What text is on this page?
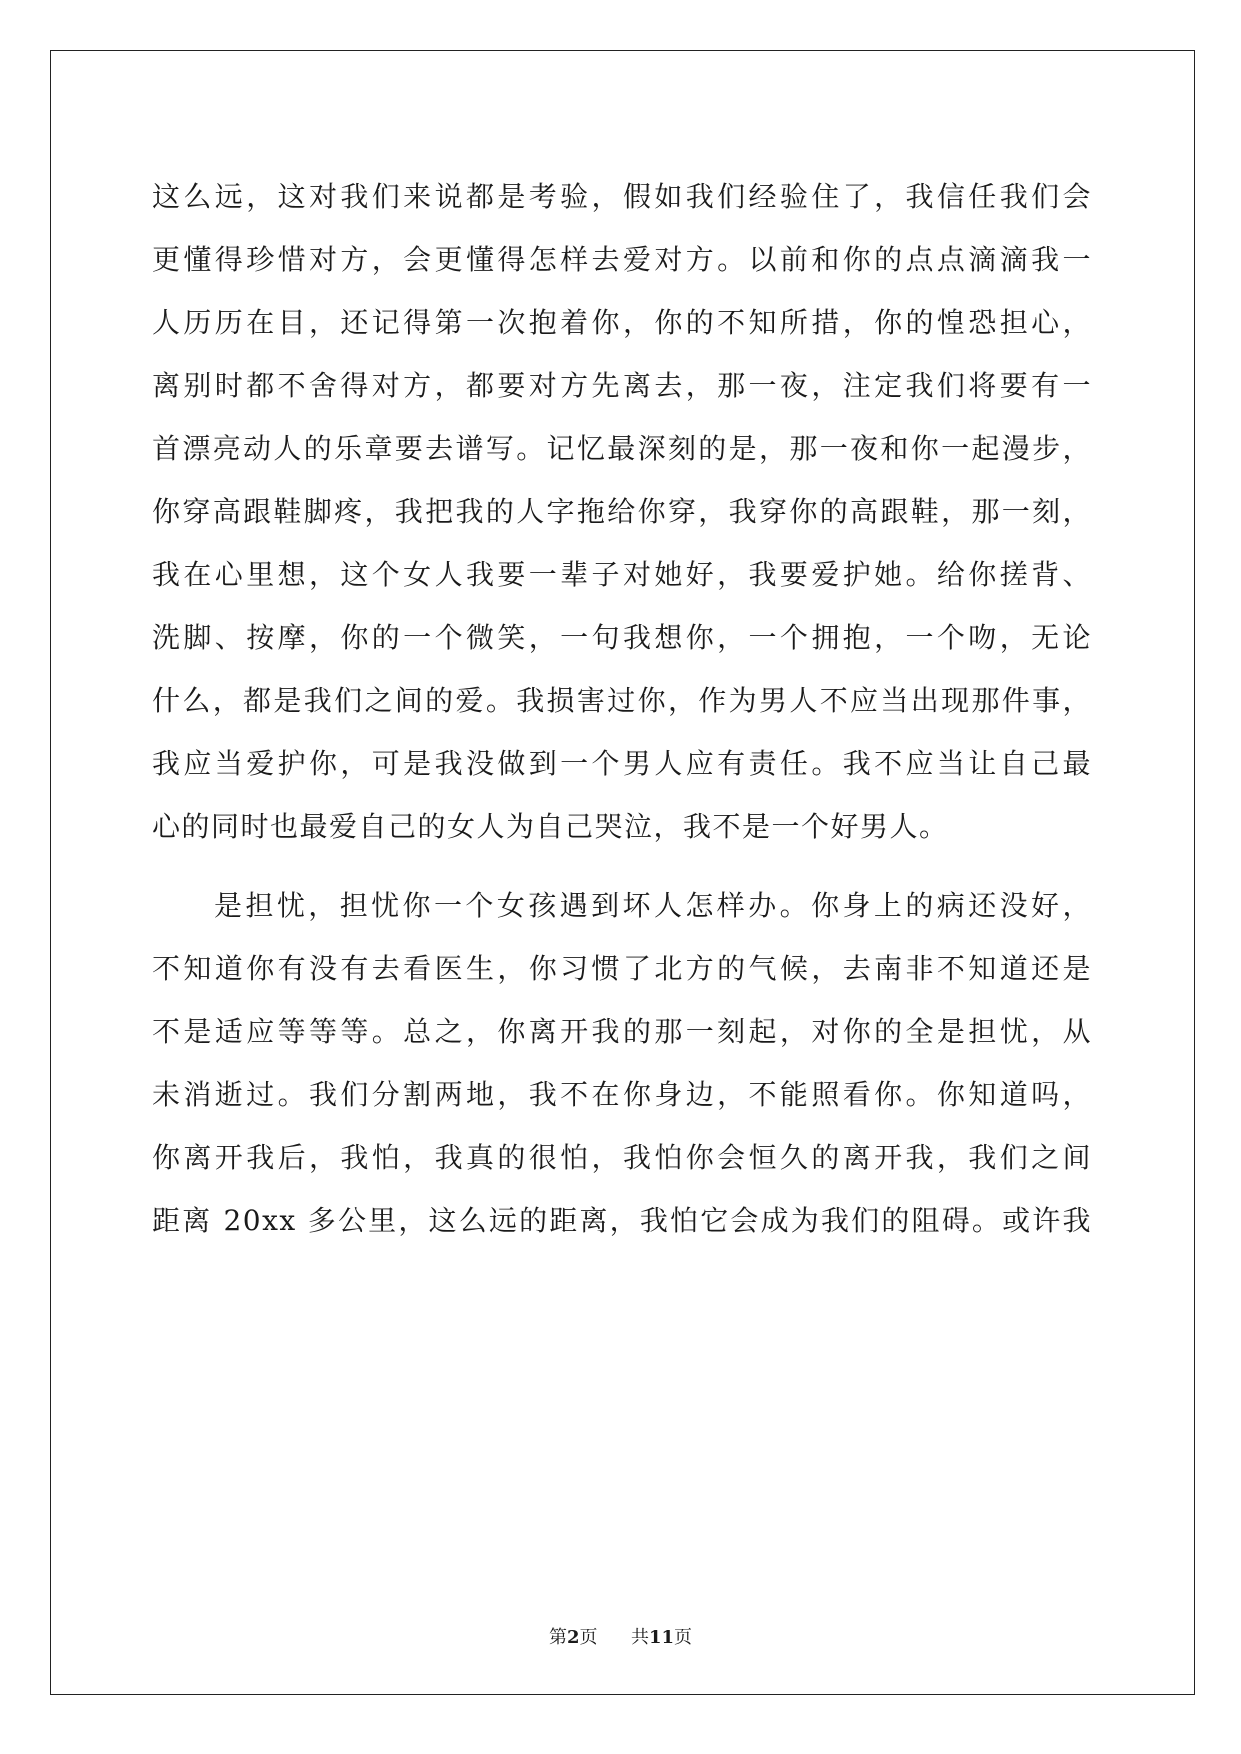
这么远，这对我们来说都是考验，假如我们经验住了，我信任我们会
更懂得珍惜对方，会更懂得怎样去爱对方。以前和你的点点滴滴我一
人历历在目，还记得第一次抱着你，你的不知所措，你的惶恐担心，
离别时都不舍得对方，都要对方先离去，那一夜，注定我们将要有一
首漂亮动人的乐章要去谱写。记忆最深刻的是，那一夜和你一起漫步，
你穿高跟鞋脚疼，我把我的人字拖给你穿，我穿你的高跟鞋，那一刻，
我在心里想，这个女人我要一辈子对她好，我要爱护她。给你搓背、
洗脚、按摩，你的一个微笑，一句我想你，一个拥抱，一个吻，无论
什么，都是我们之间的爱。我损害过你，作为男人不应当出现那件事，
我应当爱护你，可是我没做到一个男人应有责任。我不应当让自己最
心的同时也最爱自己的女人为自己哭泣，我不是一个好男人。
是担忧，担忧你一个女孩遇到坏人怎样办。你身上的病还没好，
不知道你有没有去看医生，你习惯了北方的气候，去南非不知道还是
不是适应等等等。总之，你离开我的那一刻起，对你的全是担忧，从
未消逝过。我们分割两地，我不在你身边，不能照看你。你知道吗，
你离开我后，我怕，我真的很怕，我怕你会恒久的离开我，我们之间
距离 20xx 多公里，这么远的距离，我怕它会成为我们的阻碍。或许我
第2页 共11页
